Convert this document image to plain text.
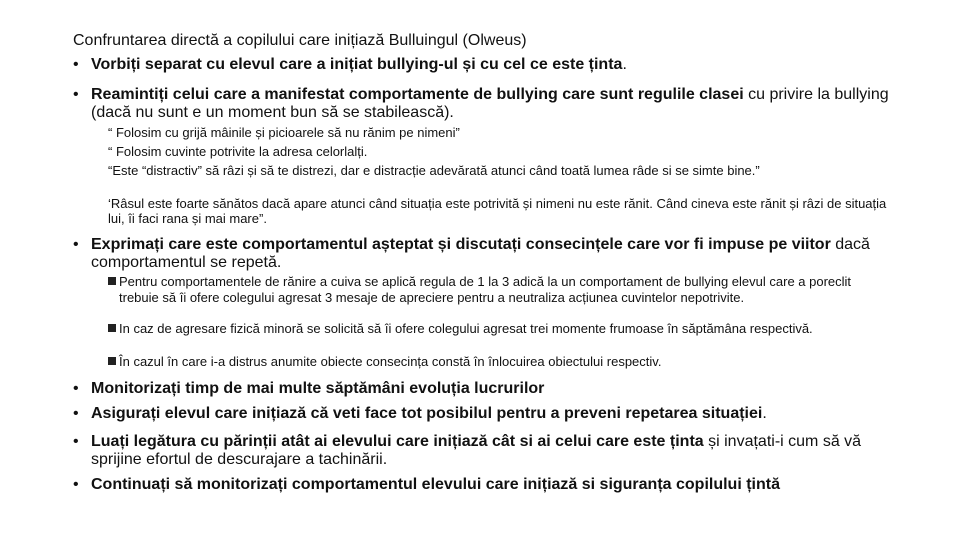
Confruntarea directă a copilului care inițiază Bulluingul (Olweus)
• Vorbiți separat cu elevul care a inițiat bullying-ul și cu cel ce este ținta.
• Reamintiți celui care a manifestat comportamente de bullying care sunt regulile clasei cu privire la bullying (dacă nu sunt e un moment bun să se stabilească).
“ Folosim cu grijă mâinile și picioarele să nu rănim pe nimeni”
“ Folosim cuvinte potrivite la adresa celorlalți.
“Este “distractiv” să râzi și să te distrezi, dar e distracție adevărată atunci când toată lumea râde si se simte bine.”
‘Râsul este foarte sănătos dacă apare atunci când situația este potrivită și nimeni nu este rănit. Când cineva este rănit și râzi de situația lui, îi faci rana și mai mare”.
• Exprimați care este comportamentul așteptat și discutați consecințele care vor fi impuse pe viitor dacă comportamentul se repetă.
Pentru comportamentele de rănire a cuiva se aplică regula de 1 la 3 adică la un comportament de bullying elevul care a poreclit trebuie să îi ofere colegului agresat 3 mesaje de apreciere pentru a neutraliza acțiunea cuvintelor nepotrivite.
In caz de agresare fizică minoră se solicită să îi ofere colegului agresat trei momente frumoase în săptămâna respectivă.
În cazul în care i-a distrus anumite obiecte consecința constă în înlocuirea obiectului respectiv.
• Monitorizați timp de mai multe săptămâni evoluția lucrurilor
• Asigurați elevul care inițiază că veti face tot posibilul pentru a preveni repetarea situației.
• Luați legătura cu părinții atât ai elevului care inițiază cât si ai celui care este ținta și invațati-i cum să vă sprijine efortul de descurajare a tachinării.
• Continuați să monitorizați comportamentul elevului care inițiază si siguranța copilului țintă
